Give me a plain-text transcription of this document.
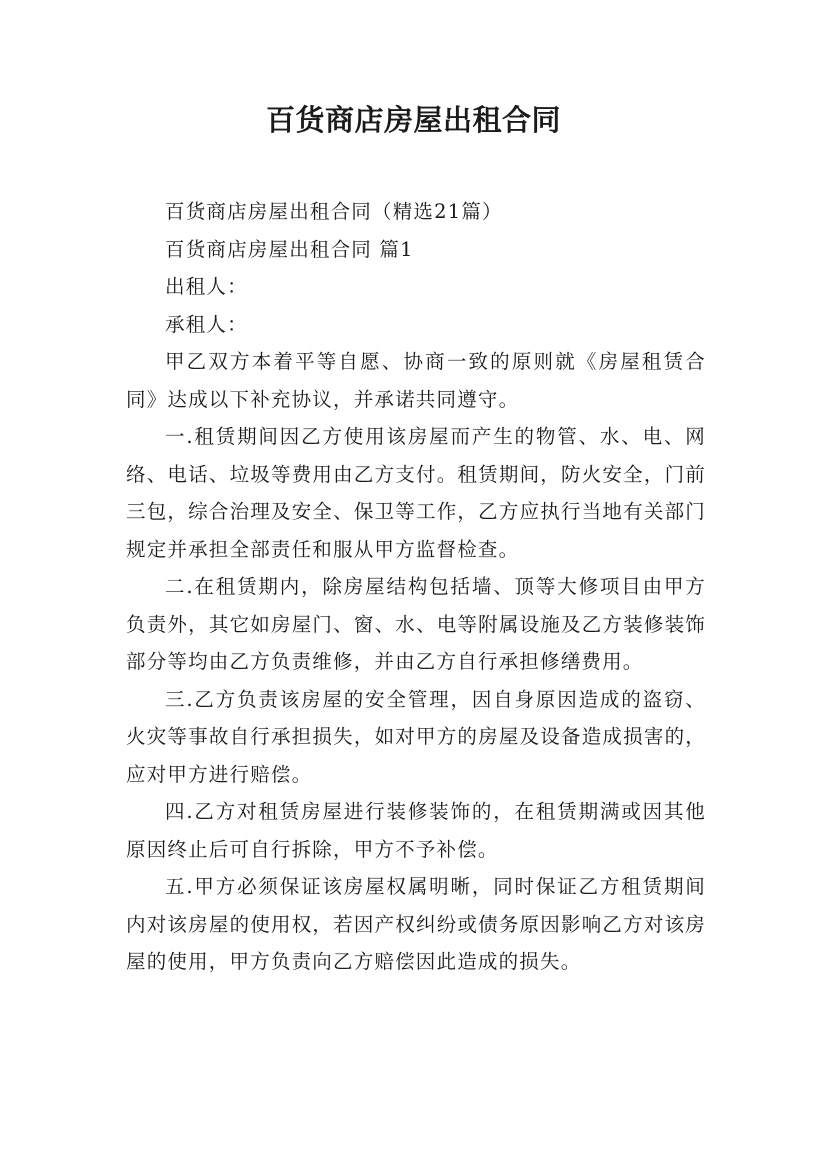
百货商店房屋出租合同

百货商店房屋出租合同（精选21篇）

百货商店房屋出租合同 篇1

出租人：

承租人：

甲乙双方本着平等自愿、协商一致的原则就《房屋租赁合同》达成以下补充协议，并承诺共同遵守。

一.租赁期间因乙方使用该房屋而产生的物管、水、电、网络、电话、垃圾等费用由乙方支付。租赁期间，防火安全，门前三包，综合治理及安全、保卫等工作，乙方应执行当地有关部门规定并承担全部责任和服从甲方监督检查。

二.在租赁期内，除房屋结构包括墙、顶等大修项目由甲方负责外，其它如房屋门、窗、水、电等附属设施及乙方装修装饰部分等均由乙方负责维修，并由乙方自行承担修缮费用。

三.乙方负责该房屋的安全管理，因自身原因造成的盗窃、火灾等事故自行承担损失，如对甲方的房屋及设备造成损害的，应对甲方进行赔偿。

四.乙方对租赁房屋进行装修装饰的，在租赁期满或因其他原因终止后可自行拆除，甲方不予补偿。

五.甲方必须保证该房屋权属明晰，同时保证乙方租赁期间内对该房屋的使用权，若因产权纠纷或债务原因影响乙方对该房屋的使用，甲方负责向乙方赔偿因此造成的损失。
